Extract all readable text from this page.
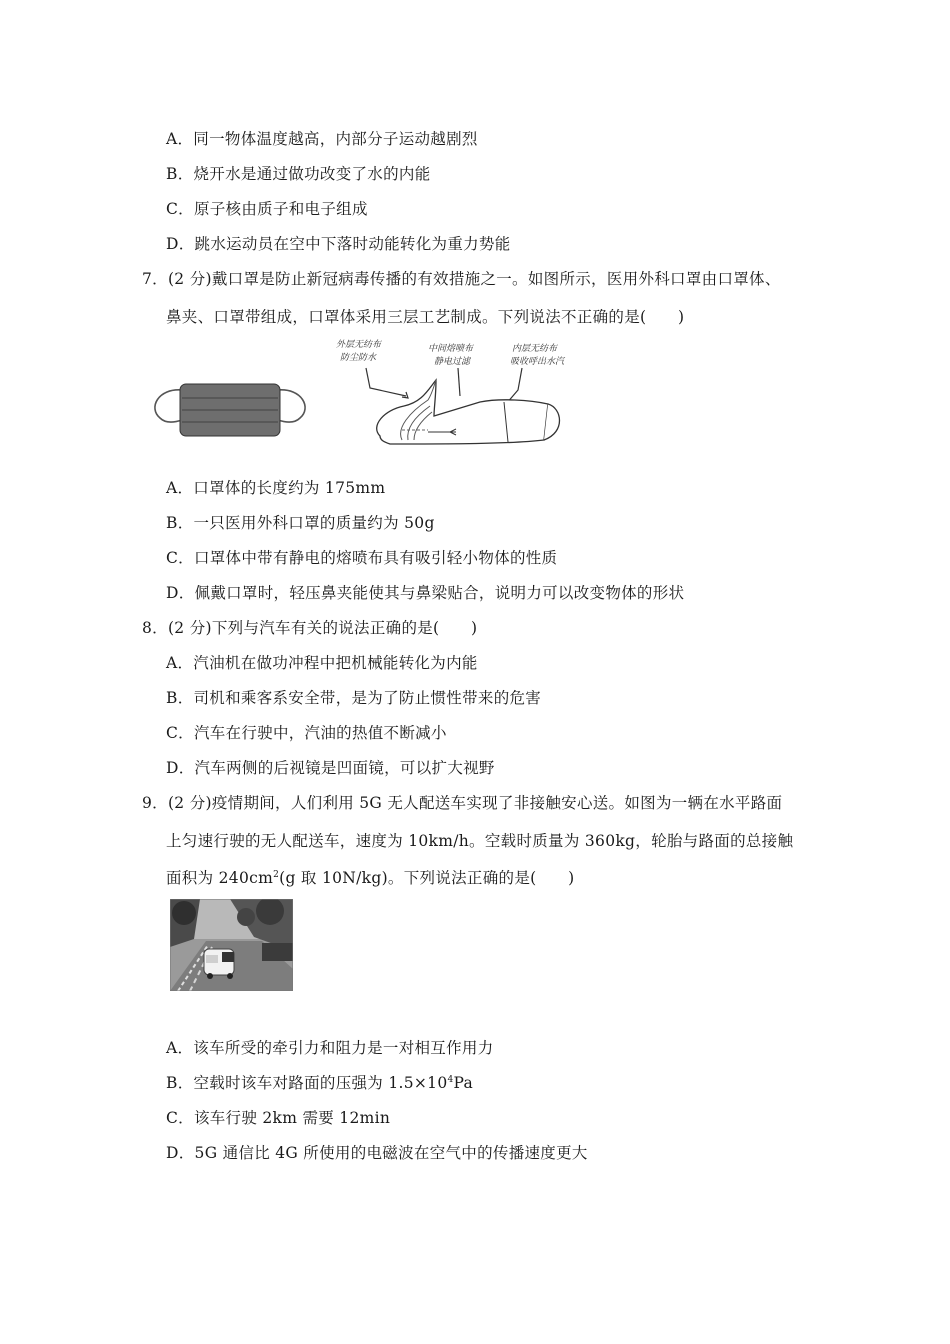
A．同一物体温度越高，内部分子运动越剧烈
B．烧开水是通过做功改变了水的内能
C．原子核由质子和电子组成
D．跳水运动员在空中下落时动能转化为重力势能
7．(2 分)戴口罩是防止新冠病毒传播的有效措施之一。如图所示，医用外科口罩由口罩体、
鼻夹、口罩带组成，口罩体采用三层工艺制成。下列说法不正确的是(　　)
外层无纺布
防尘防水
中间熔喷布
静电过滤
内层无纺布
吸收呼出水汽
A．口罩体的长度约为 175mm
B．一只医用外科口罩的质量约为 50g
C．口罩体中带有静电的熔喷布具有吸引轻小物体的性质
D．佩戴口罩时，轻压鼻夹能使其与鼻梁贴合，说明力可以改变物体的形状
8．(2 分)下列与汽车有关的说法正确的是(　　)
A．汽油机在做功冲程中把机械能转化为内能
B．司机和乘客系安全带，是为了防止惯性带来的危害
C．汽车在行驶中，汽油的热值不断减小
D．汽车两侧的后视镜是凹面镜，可以扩大视野
9．(2 分)疫情期间，人们利用 5G 无人配送车实现了非接触安心送。如图为一辆在水平路面
上匀速行驶的无人配送车，速度为 10km/h。空载时质量为 360kg，轮胎与路面的总接触
面积为 $240cm^2(g$ 取 10N/kg)。下列说法正确的是(　　)
A．该车所受的牵引力和阻力是一对相互作用力
B．空载时该车对路面的压强为 $1.5\times 10^4Pa$
C．该车行驶 2km 需要 12min
D．5G 通信比 4G 所使用的电磁波在空气中的传播速度更大
